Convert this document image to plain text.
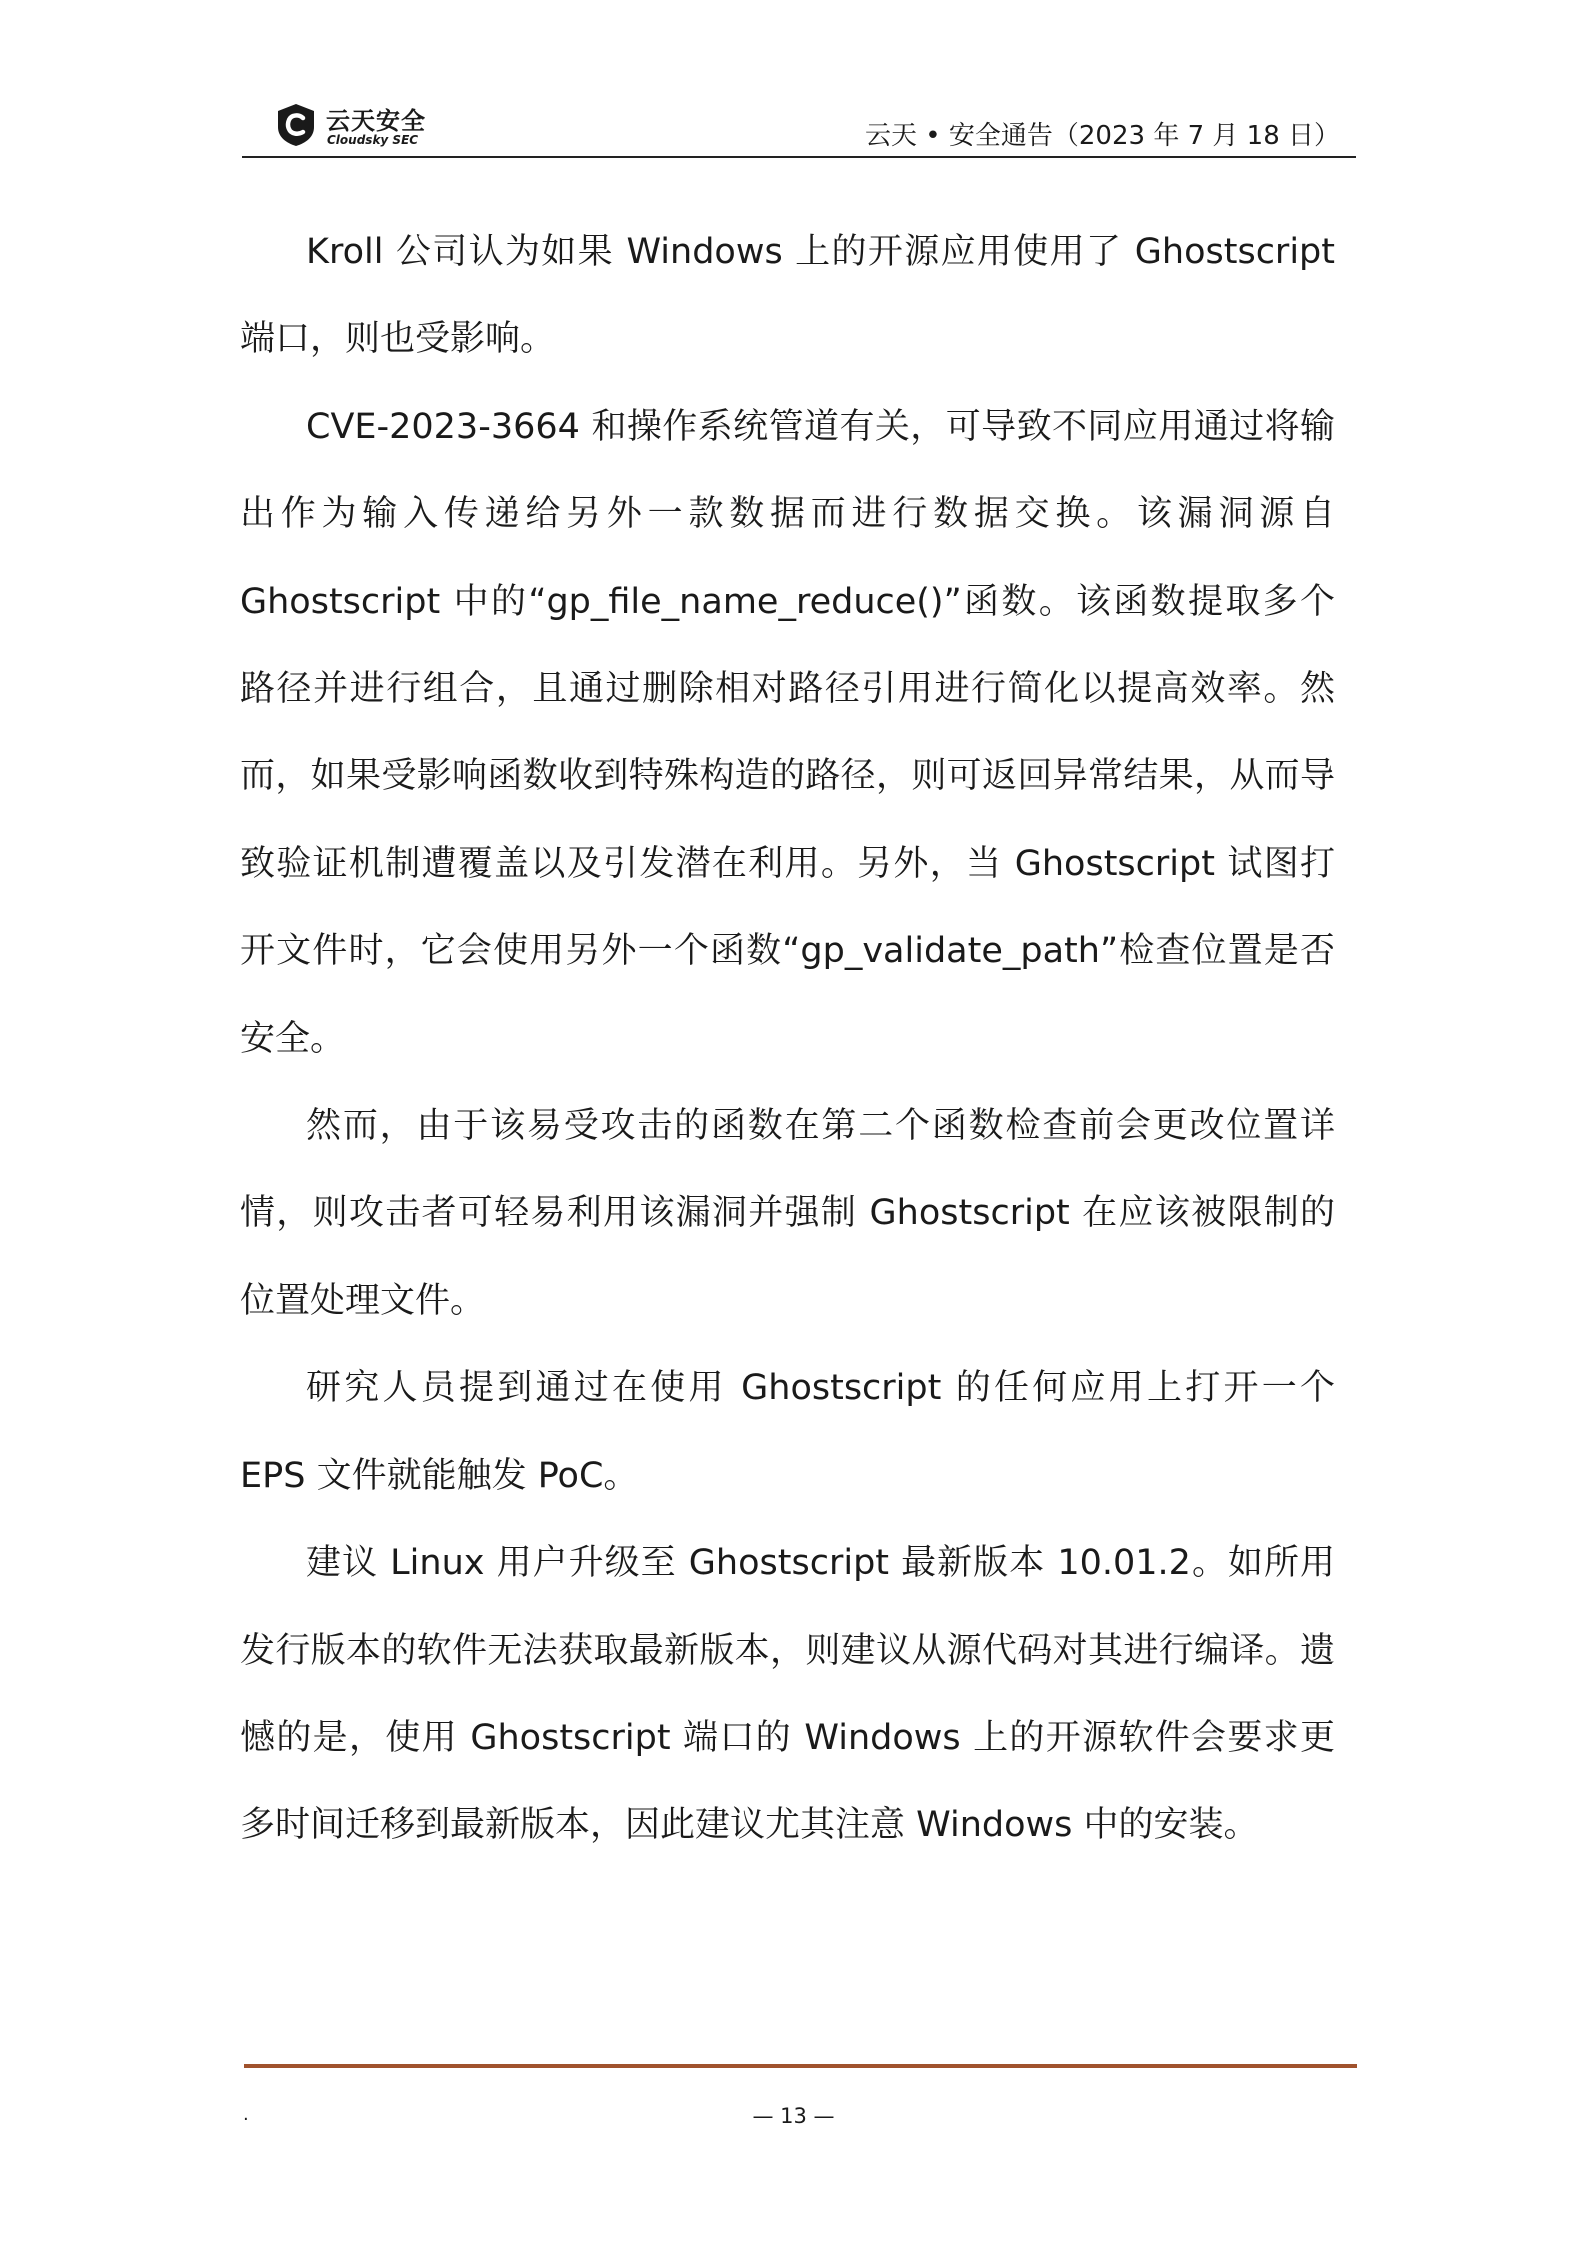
云天安全
Cloudsky SEC	云天 • 安全通告（2023 年 7 月 18 日）

Kroll 公司认为如果 Windows 上的开源应用使用了 Ghostscript 端口，则也受影响。

CVE-2023-3664 和操作系统管道有关，可导致不同应用通过将输出作为输入传递给另外一款数据而进行数据交换。该漏洞源自 Ghostscript 中的“gp_file_name_reduce()”函数。该函数提取多个路径并进行组合，且通过删除相对路径引用进行简化以提高效率。然而，如果受影响函数收到特殊构造的路径，则可返回异常结果，从而导致验证机制遭覆盖以及引发潜在利用。另外，当 Ghostscript 试图打开文件时，它会使用另外一个函数“gp_validate_path”检查位置是否安全。

然而，由于该易受攻击的函数在第二个函数检查前会更改位置详情，则攻击者可轻易利用该漏洞并强制 Ghostscript 在应该被限制的位置处理文件。

研究人员提到通过在使用 Ghostscript 的任何应用上打开一个 EPS 文件就能触发 PoC。

建议 Linux 用户升级至 Ghostscript 最新版本 10.01.2。如所用发行版本的软件无法获取最新版本，则建议从源代码对其进行编译。遗憾的是，使用 Ghostscript 端口的 Windows 上的开源软件会要求更多时间迁移到最新版本，因此建议尤其注意 Windows 中的安装。

.	— 13 —
